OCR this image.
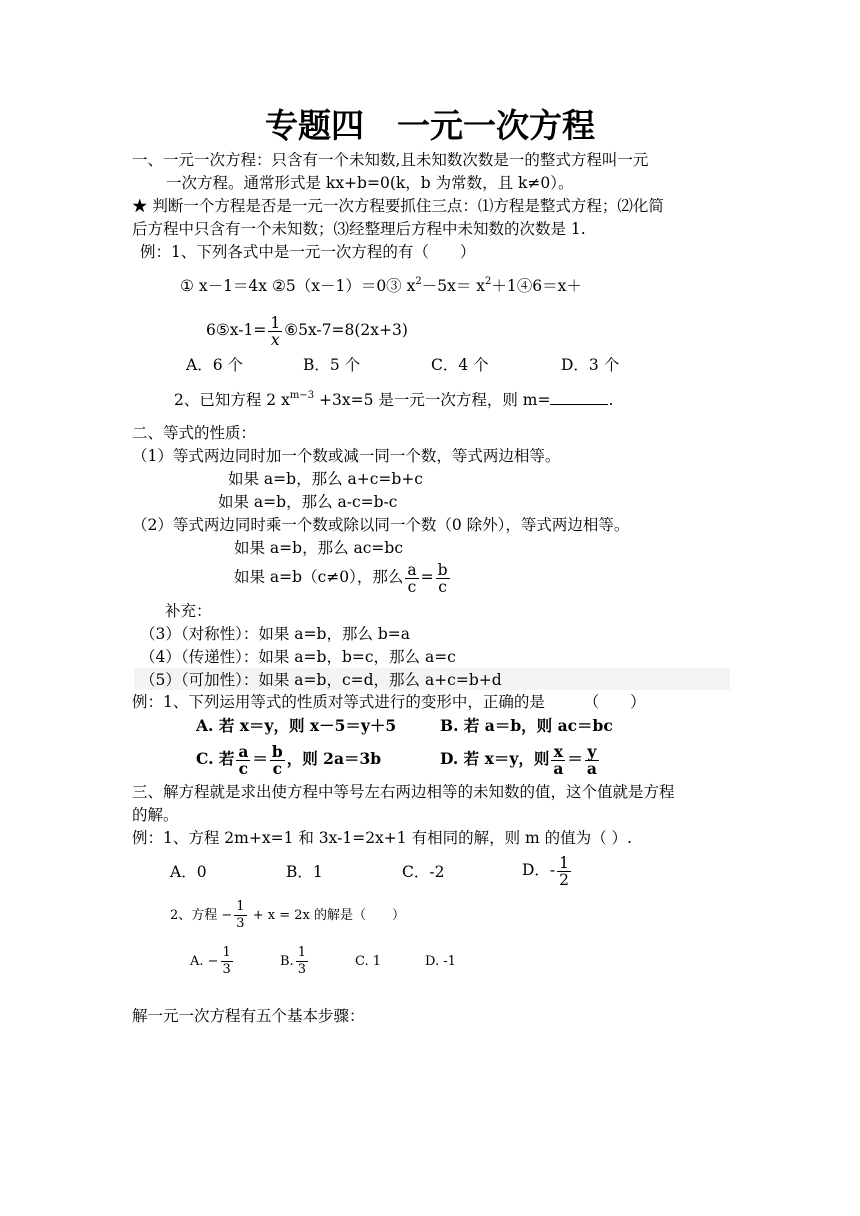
专题四　一元一次方程
一、一元一次方程：只含有一个未知数,且未知数次数是一的整式方程叫一元
一次方程。通常形式是 kx+b=0(k，b 为常数，且 k≠0）。
★ 判断一个方程是否是一元一次方程要抓住三点：⑴方程是整式方程；⑵化简
后方程中只含有一个未知数；⑶经整理后方程中未知数的次数是 1.
例：1、下列各式中是一元一次方程的有（　　）
① x－1＝4x ②5（x－1）＝0③ $x^2-5x=$ $x^2+1④6=x+$
6⑤x-1= $\frac{1}{x}$ ⑥5x-7=8(2x+3)
A．6 个	B．5 个	C．4 个	D．3 个
2、已知方程 2 $x^{m-3} +3x=5$ 是一元一次方程，则 m=	.
二、等式的性质：
（1）等式两边同时加一个数或减一同一个数，等式两边相等。
如果 a=b，那么 a+c=b+c
如果 a=b，那么 a-c=b-c
（2）等式两边同时乘一个数或除以同一个数（0 除外），等式两边相等。
如果 a=b，那么 ac=bc
如果 a=b（c≠0），那么 $\frac{a}{c} = \frac{b}{c}$
补充：
（3）（对称性）：如果 a=b，那么 b=a
（4）（传递性）：如果 a=b，b=c，那么 a=c
（5）（可加性）：如果 a=b，c=d，那么 a+c=b+d
例：1、下列运用等式的性质对等式进行的变形中，正确的是　　　（　　）
A. 若 x＝y，则 x－5＝y＋5	B. 若 a＝b，则 ac＝bc
C. 若 $\frac{a}{c} = \frac{b}{c}$ ，则 2a＝3b	D. 若 x＝y，则 $\frac{x}{a} = \frac{y}{a}$
三、解方程就是求出使方程中等号左右两边相等的未知数的值，这个值就是方程
的解。
例：1、方程 2m+x=1 和 3x-1=2x+1 有相同的解，则 m 的值为（ ）.
A．0	B．1	C．-2	D．- $\frac{1}{2}$
2、方程 − $\frac{1}{3} + x = 2x$ 的解是（　　）
A. − $\frac{1}{3}$	B. $\frac{1}{3}$	C. 1	D. -1
解一元一次方程有五个基本步骤：
